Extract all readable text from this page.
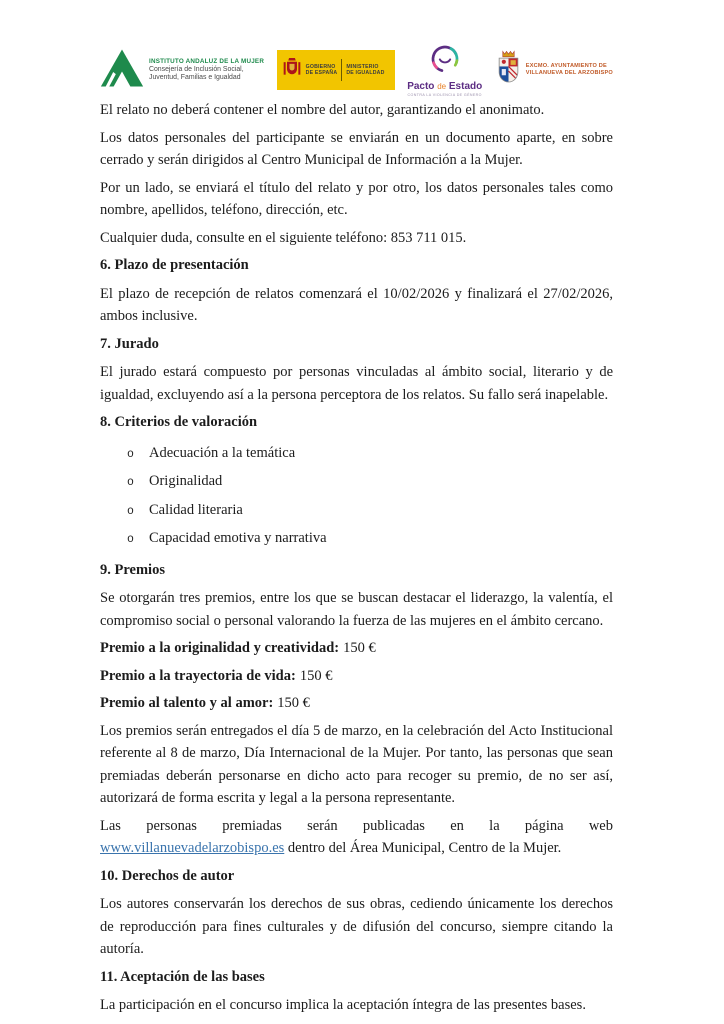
INSTITUTO ANDALUZ DE LA MUJER
Consejería de Inclusión Social,
Juventud, Familias e Igualdad
GOBIERNO
DE ESPAÑA
MINISTERIO
DE IGUALDAD
Pacto de Estado
CONTRA LA VIOLENCIA DE GÉNERO
EXCMO. AYUNTAMIENTO DE
VILLANUEVA DEL ARZOBISPO

El relato no deberá contener el nombre del autor, garantizando el anonimato.

Los datos personales del participante se enviarán en un documento aparte, en sobre cerrado y serán dirigidos al Centro Municipal de Información a la Mujer.

Por un lado, se enviará el título del relato y por otro, los datos personales tales como nombre, apellidos, teléfono, dirección, etc.

Cualquier duda, consulte en el siguiente teléfono: 853 711 015.

6. Plazo de presentación

El plazo de recepción de relatos comenzará el 10/02/2026 y finalizará el 27/02/2026, ambos inclusive.

7. Jurado

El jurado estará compuesto por personas vinculadas al ámbito social, literario y de igualdad, excluyendo así a la persona perceptora de los relatos. Su fallo será inapelable.

8. Criterios de valoración
o	Adecuación a la temática
o	Originalidad
o	Calidad literaria
o	Capacidad emotiva y narrativa
9. Premios

Se otorgarán tres premios, entre los que se buscan destacar el liderazgo, la valentía, el compromiso social o personal valorando la fuerza de las mujeres en el ámbito cercano.

Premio a la originalidad y creatividad: 150 €

Premio a la trayectoria de vida: 150 €

Premio al talento y al amor: 150 €

Los premios serán entregados el día 5 de marzo, en la celebración del Acto Institucional referente al 8 de marzo, Día Internacional de la Mujer. Por tanto, las personas que sean premiadas deberán personarse en dicho acto para recoger su premio, de no ser así, autorizará de forma escrita y legal a la persona representante.

Las personas premiadas serán publicadas en la página web www.villanuevadelarzobispo.es dentro del Área Municipal, Centro de la Mujer.

10. Derechos de autor

Los autores conservarán los derechos de sus obras, cediendo únicamente los derechos de reproducción para fines culturales y de difusión del concurso, siempre citando la autoría.

11. Aceptación de las bases

La participación en el concurso implica la aceptación íntegra de las presentes bases.
